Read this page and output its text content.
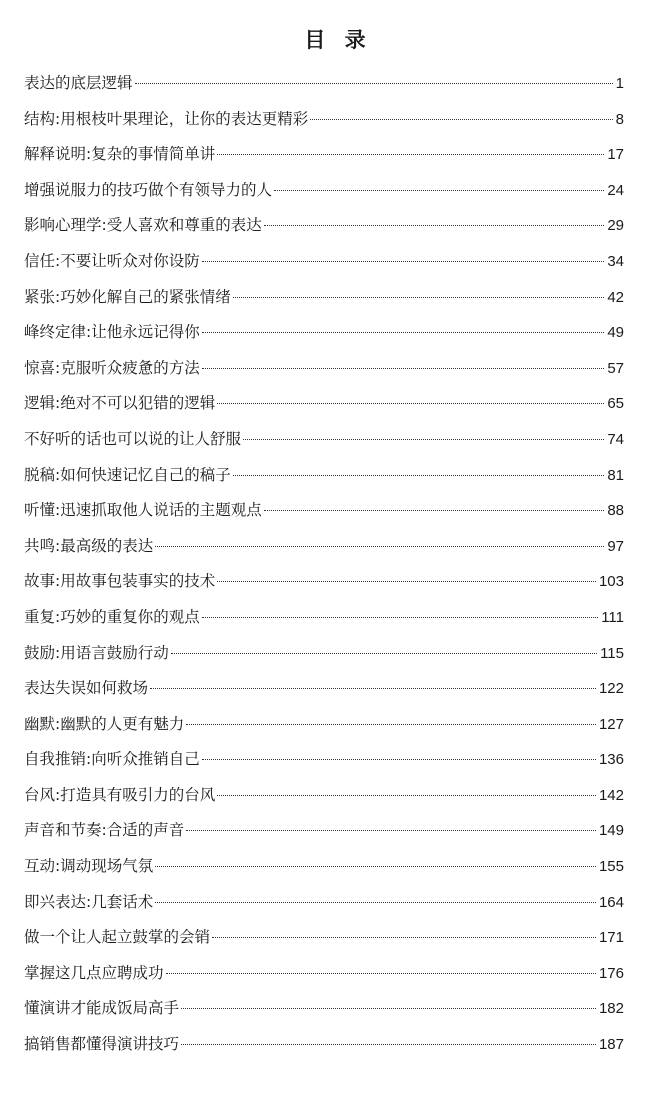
目 录
表达的底层逻辑	1
结构:用根枝叶果理论，让你的表达更精彩	8
解释说明:复杂的事情简单讲	17
增强说服力的技巧做个有领导力的人	24
影响心理学:受人喜欢和尊重的表达	29
信任:不要让听众对你设防	34
紧张:巧妙化解自己的紧张情绪	42
峰终定律:让他永远记得你	49
惊喜:克服听众疲惫的方法	57
逻辑:绝对不可以犯错的逻辑	65
不好听的话也可以说的让人舒服	74
脱稿:如何快速记忆自己的稿子	81
听懂:迅速抓取他人说话的主题观点	88
共鸣:最高级的表达	97
故事:用故事包装事实的技术	103
重复:巧妙的重复你的观点	111
鼓励:用语言鼓励行动	115
表达失误如何救场	122
幽默:幽默的人更有魅力	127
自我推销:向听众推销自己	136
台风:打造具有吸引力的台风	142
声音和节奏:合适的声音	149
互动:调动现场气氛	155
即兴表达:几套话术	164
做一个让人起立鼓掌的会销	171
掌握这几点应聘成功	176
懂演讲才能成饭局高手	182
搞销售都懂得演讲技巧	187
